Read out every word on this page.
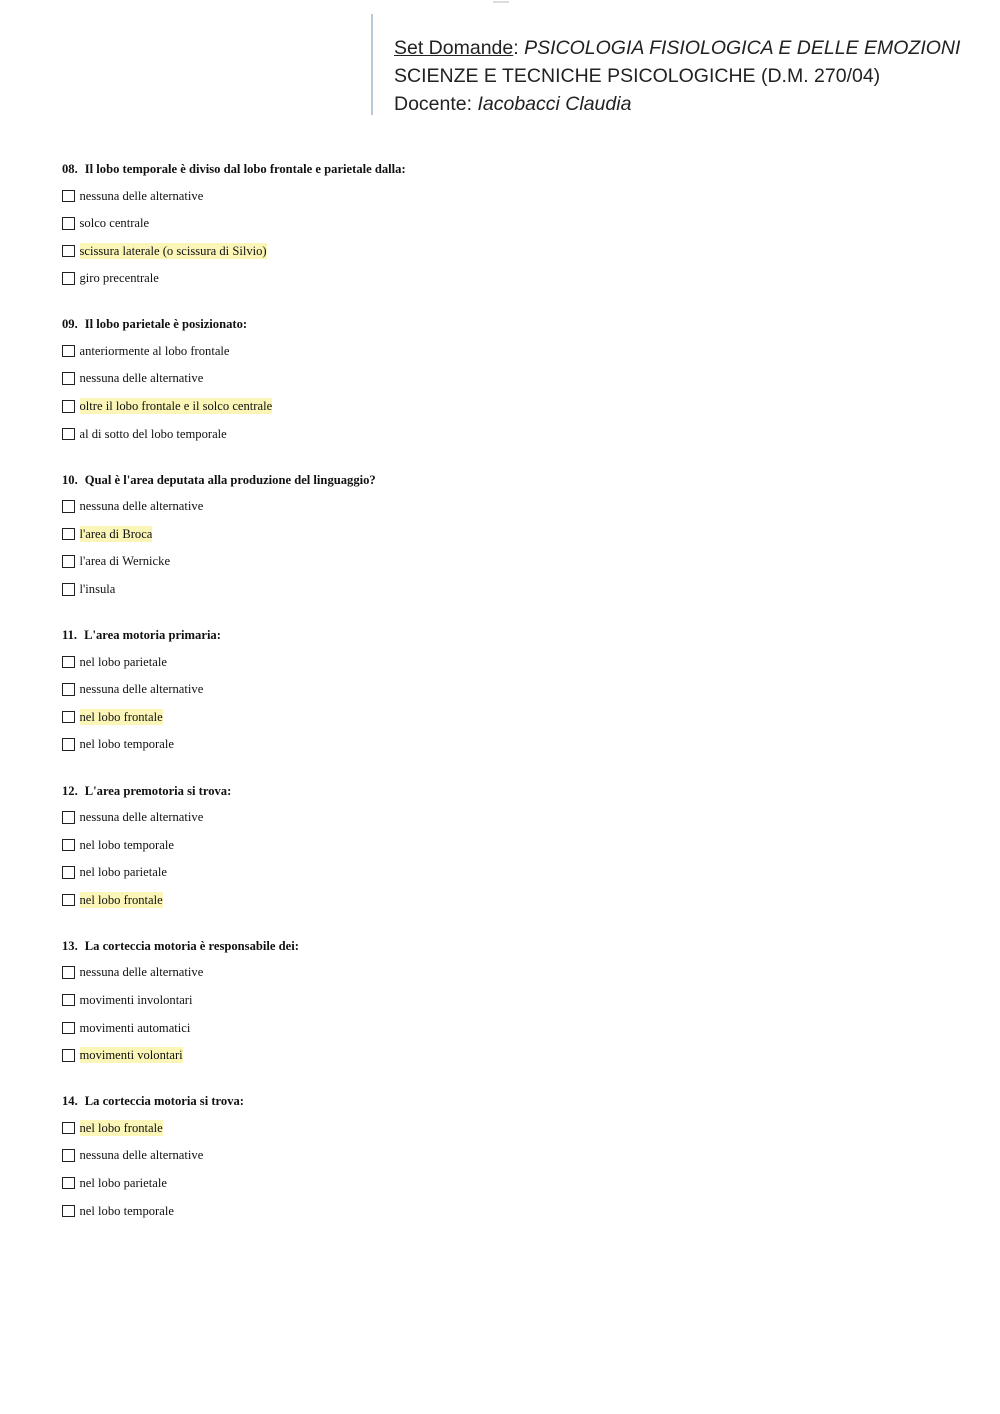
Set Domande: PSICOLOGIA FISIOLOGICA E DELLE EMOZIONI
SCIENZE E TECNICHE PSICOLOGICHE (D.M. 270/04)
Docente: Iacobacci Claudia
08. Il lobo temporale è diviso dal lobo frontale e parietale dalla:
nessuna delle alternative
solco centrale
scissura laterale (o scissura di Silvio)
giro precentrale
09. Il lobo parietale è posizionato:
anteriormente al lobo frontale
nessuna delle alternative
oltre il lobo frontale e il solco centrale
al di sotto del lobo temporale
10. Qual è l'area deputata alla produzione del linguaggio?
nessuna delle alternative
l'area di Broca
l'area di Wernicke
l'insula
11. L'area motoria primaria:
nel lobo parietale
nessuna delle alternative
nel lobo frontale
nel lobo temporale
12. L'area premotoria si trova:
nessuna delle alternative
nel lobo temporale
nel lobo parietale
nel lobo frontale
13. La corteccia motoria è responsabile dei:
nessuna delle alternative
movimenti involontari
movimenti automatici
movimenti volontari
14. La corteccia motoria si trova:
nel lobo frontale
nessuna delle alternative
nel lobo parietale
nel lobo temporale
